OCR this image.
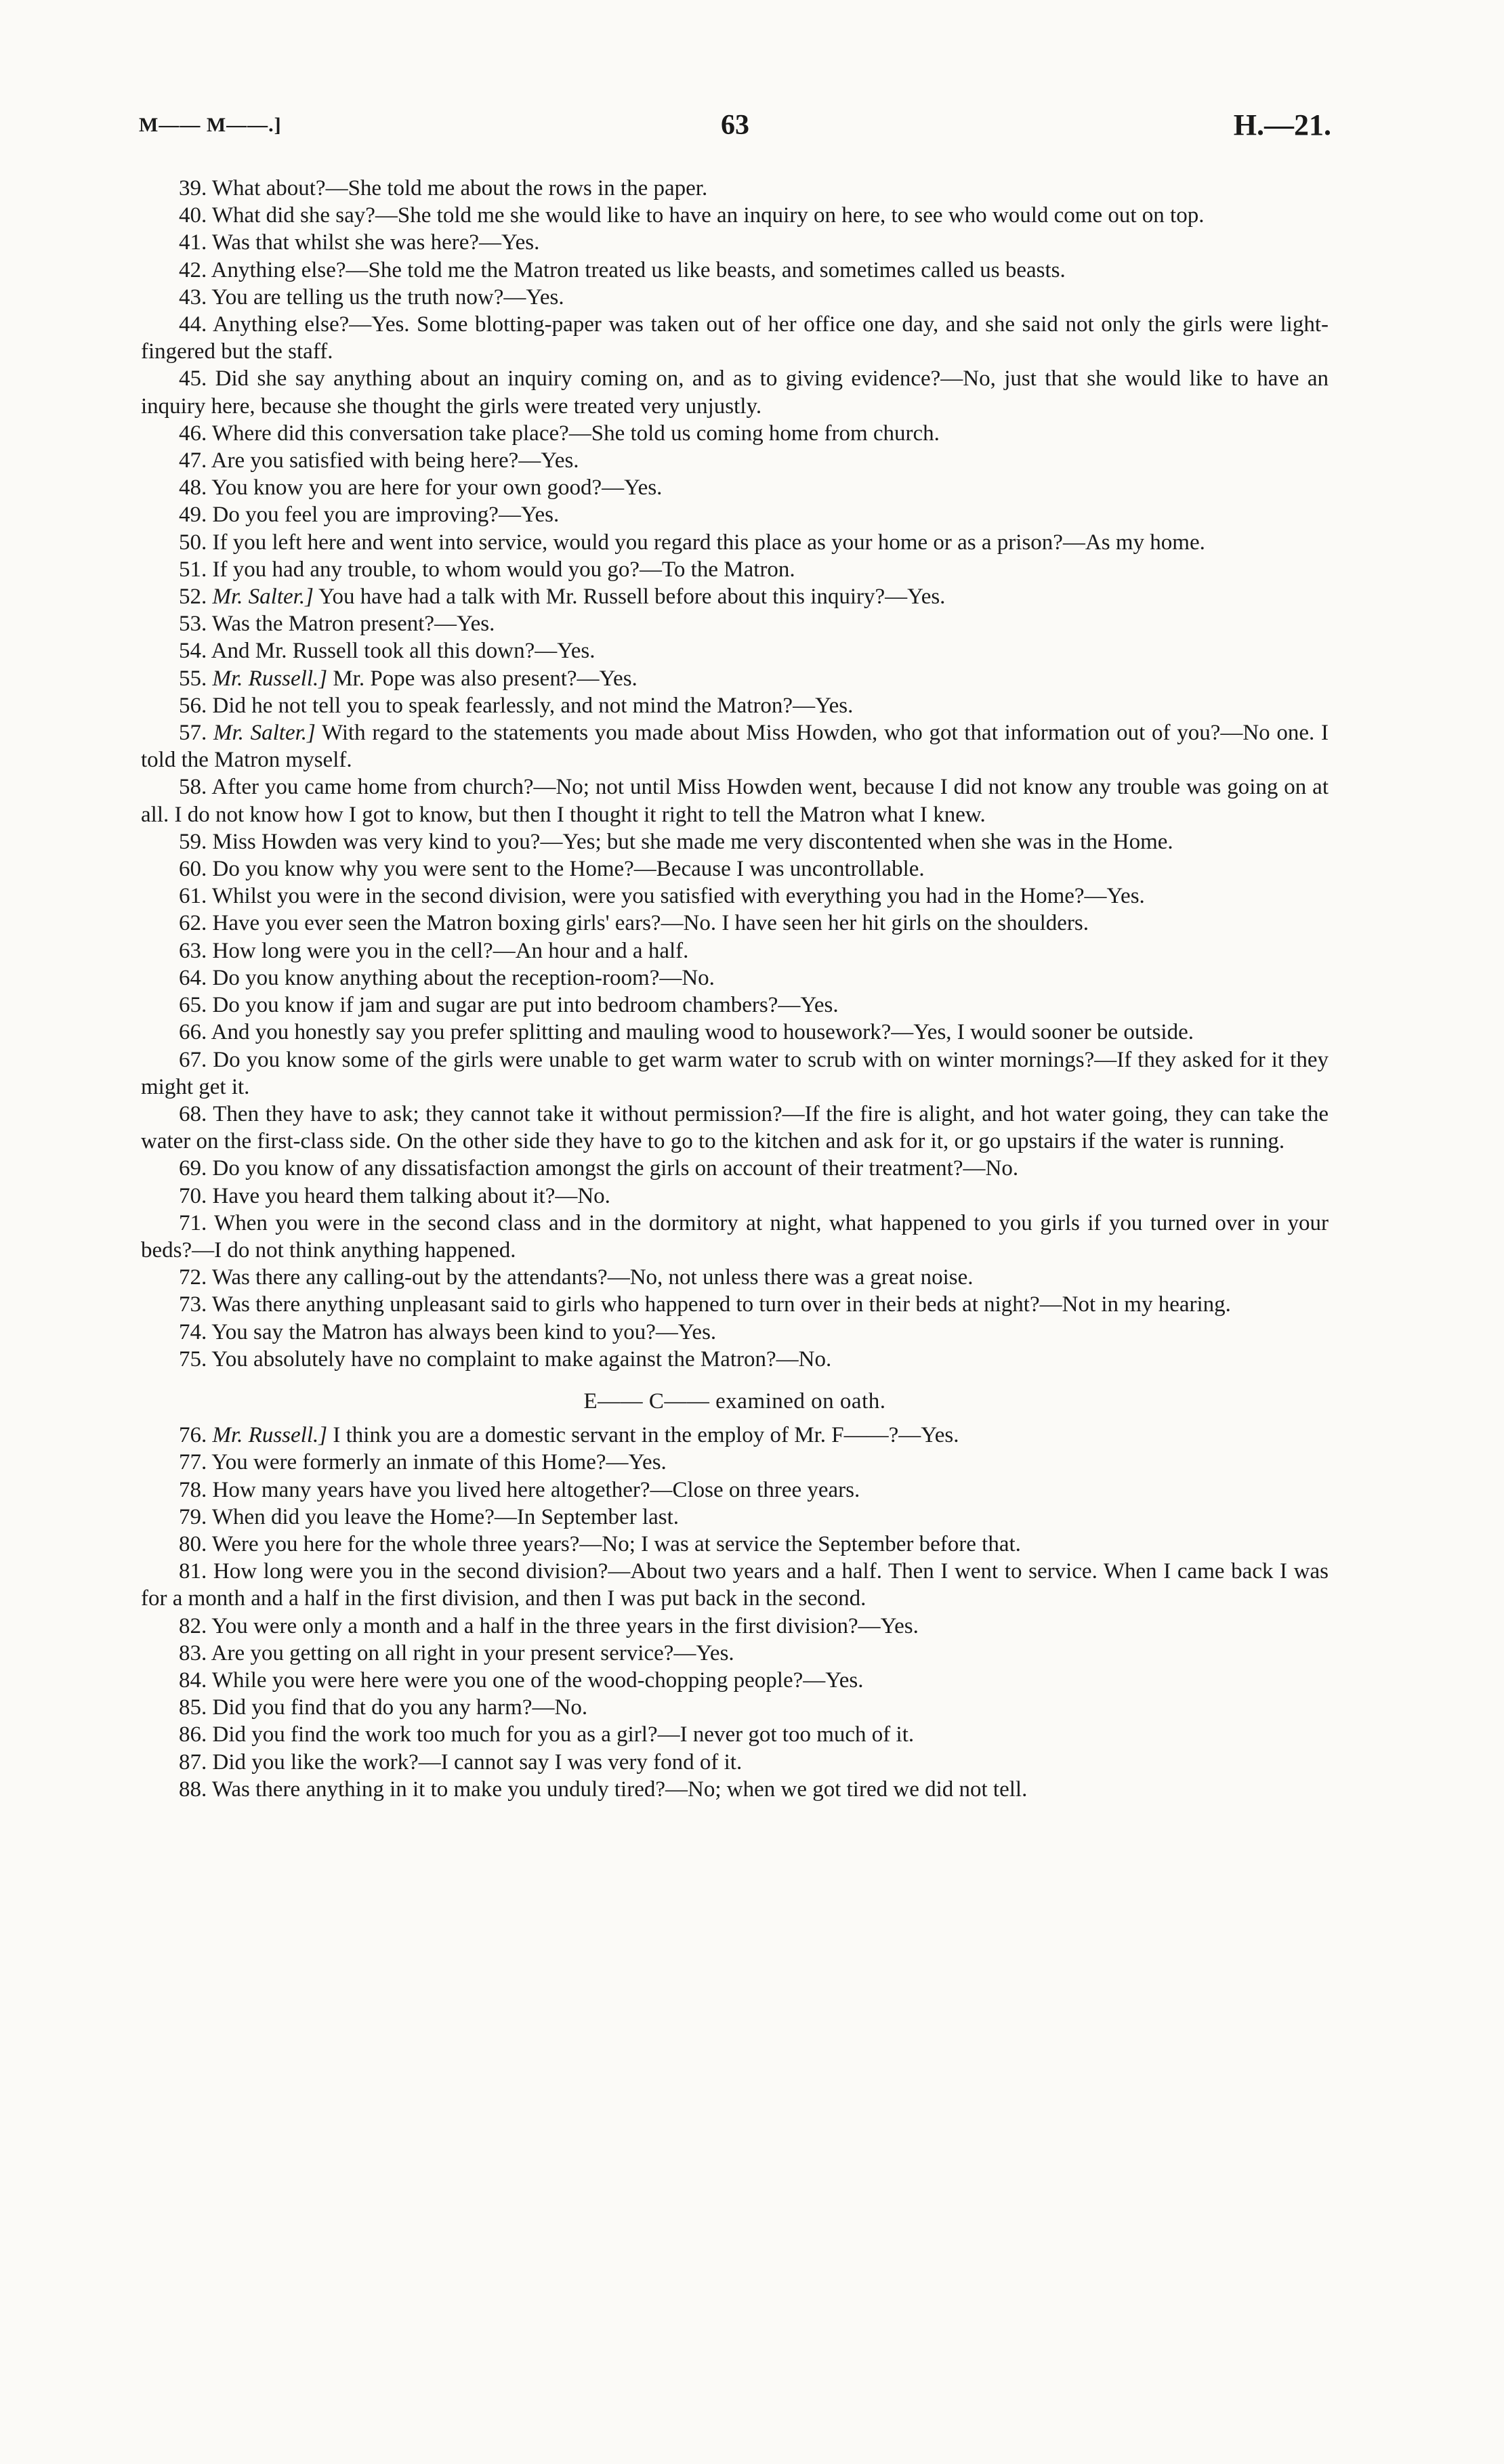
M—— M——.]	63	H.—21.

39. What about?—She told me about the rows in the paper.

40. What did she say?—She told me she would like to have an inquiry on here, to see who would come out on top.

41. Was that whilst she was here?—Yes.

42. Anything else?—She told me the Matron treated us like beasts, and sometimes called us beasts.

43. You are telling us the truth now?—Yes.

44. Anything else?—Yes. Some blotting-paper was taken out of her office one day, and she said not only the girls were light-fingered but the staff.

45. Did she say anything about an inquiry coming on, and as to giving evidence?—No, just that she would like to have an inquiry here, because she thought the girls were treated very unjustly.

46. Where did this conversation take place?—She told us coming home from church.

47. Are you satisfied with being here?—Yes.

48. You know you are here for your own good?—Yes.

49. Do you feel you are improving?—Yes.

50. If you left here and went into service, would you regard this place as your home or as a prison?—As my home.

51. If you had any trouble, to whom would you go?—To the Matron.

52. Mr. Salter.] You have had a talk with Mr. Russell before about this inquiry?—Yes.

53. Was the Matron present?—Yes.

54. And Mr. Russell took all this down?—Yes.

55. Mr. Russell.] Mr. Pope was also present?—Yes.

56. Did he not tell you to speak fearlessly, and not mind the Matron?—Yes.

57. Mr. Salter.] With regard to the statements you made about Miss Howden, who got that information out of you?—No one. I told the Matron myself.

58. After you came home from church?—No; not until Miss Howden went, because I did not know any trouble was going on at all. I do not know how I got to know, but then I thought it right to tell the Matron what I knew.

59. Miss Howden was very kind to you?—Yes; but she made me very discontented when she was in the Home.

60. Do you know why you were sent to the Home?—Because I was uncontrollable.

61. Whilst you were in the second division, were you satisfied with everything you had in the Home?—Yes.

62. Have you ever seen the Matron boxing girls' ears?—No. I have seen her hit girls on the shoulders.

63. How long were you in the cell?—An hour and a half.

64. Do you know anything about the reception-room?—No.

65. Do you know if jam and sugar are put into bedroom chambers?—Yes.

66. And you honestly say you prefer splitting and mauling wood to housework?—Yes, I would sooner be outside.

67. Do you know some of the girls were unable to get warm water to scrub with on winter mornings?—If they asked for it they might get it.

68. Then they have to ask; they cannot take it without permission?—If the fire is alight, and hot water going, they can take the water on the first-class side. On the other side they have to go to the kitchen and ask for it, or go upstairs if the water is running.

69. Do you know of any dissatisfaction amongst the girls on account of their treatment?—No.

70. Have you heard them talking about it?—No.

71. When you were in the second class and in the dormitory at night, what happened to you girls if you turned over in your beds?—I do not think anything happened.

72. Was there any calling-out by the attendants?—No, not unless there was a great noise.

73. Was there anything unpleasant said to girls who happened to turn over in their beds at night?—Not in my hearing.

74. You say the Matron has always been kind to you?—Yes.

75. You absolutely have no complaint to make against the Matron?—No.

E—— C—— examined on oath.

76. Mr. Russell.] I think you are a domestic servant in the employ of Mr. F——?—Yes.

77. You were formerly an inmate of this Home?—Yes.

78. How many years have you lived here altogether?—Close on three years.

79. When did you leave the Home?—In September last.

80. Were you here for the whole three years?—No; I was at service the September before that.

81. How long were you in the second division?—About two years and a half. Then I went to service. When I came back I was for a month and a half in the first division, and then I was put back in the second.

82. You were only a month and a half in the three years in the first division?—Yes.

83. Are you getting on all right in your present service?—Yes.

84. While you were here were you one of the wood-chopping people?—Yes.

85. Did you find that do you any harm?—No.

86. Did you find the work too much for you as a girl?—I never got too much of it.

87. Did you like the work?—I cannot say I was very fond of it.

88. Was there anything in it to make you unduly tired?—No; when we got tired we did not tell.
